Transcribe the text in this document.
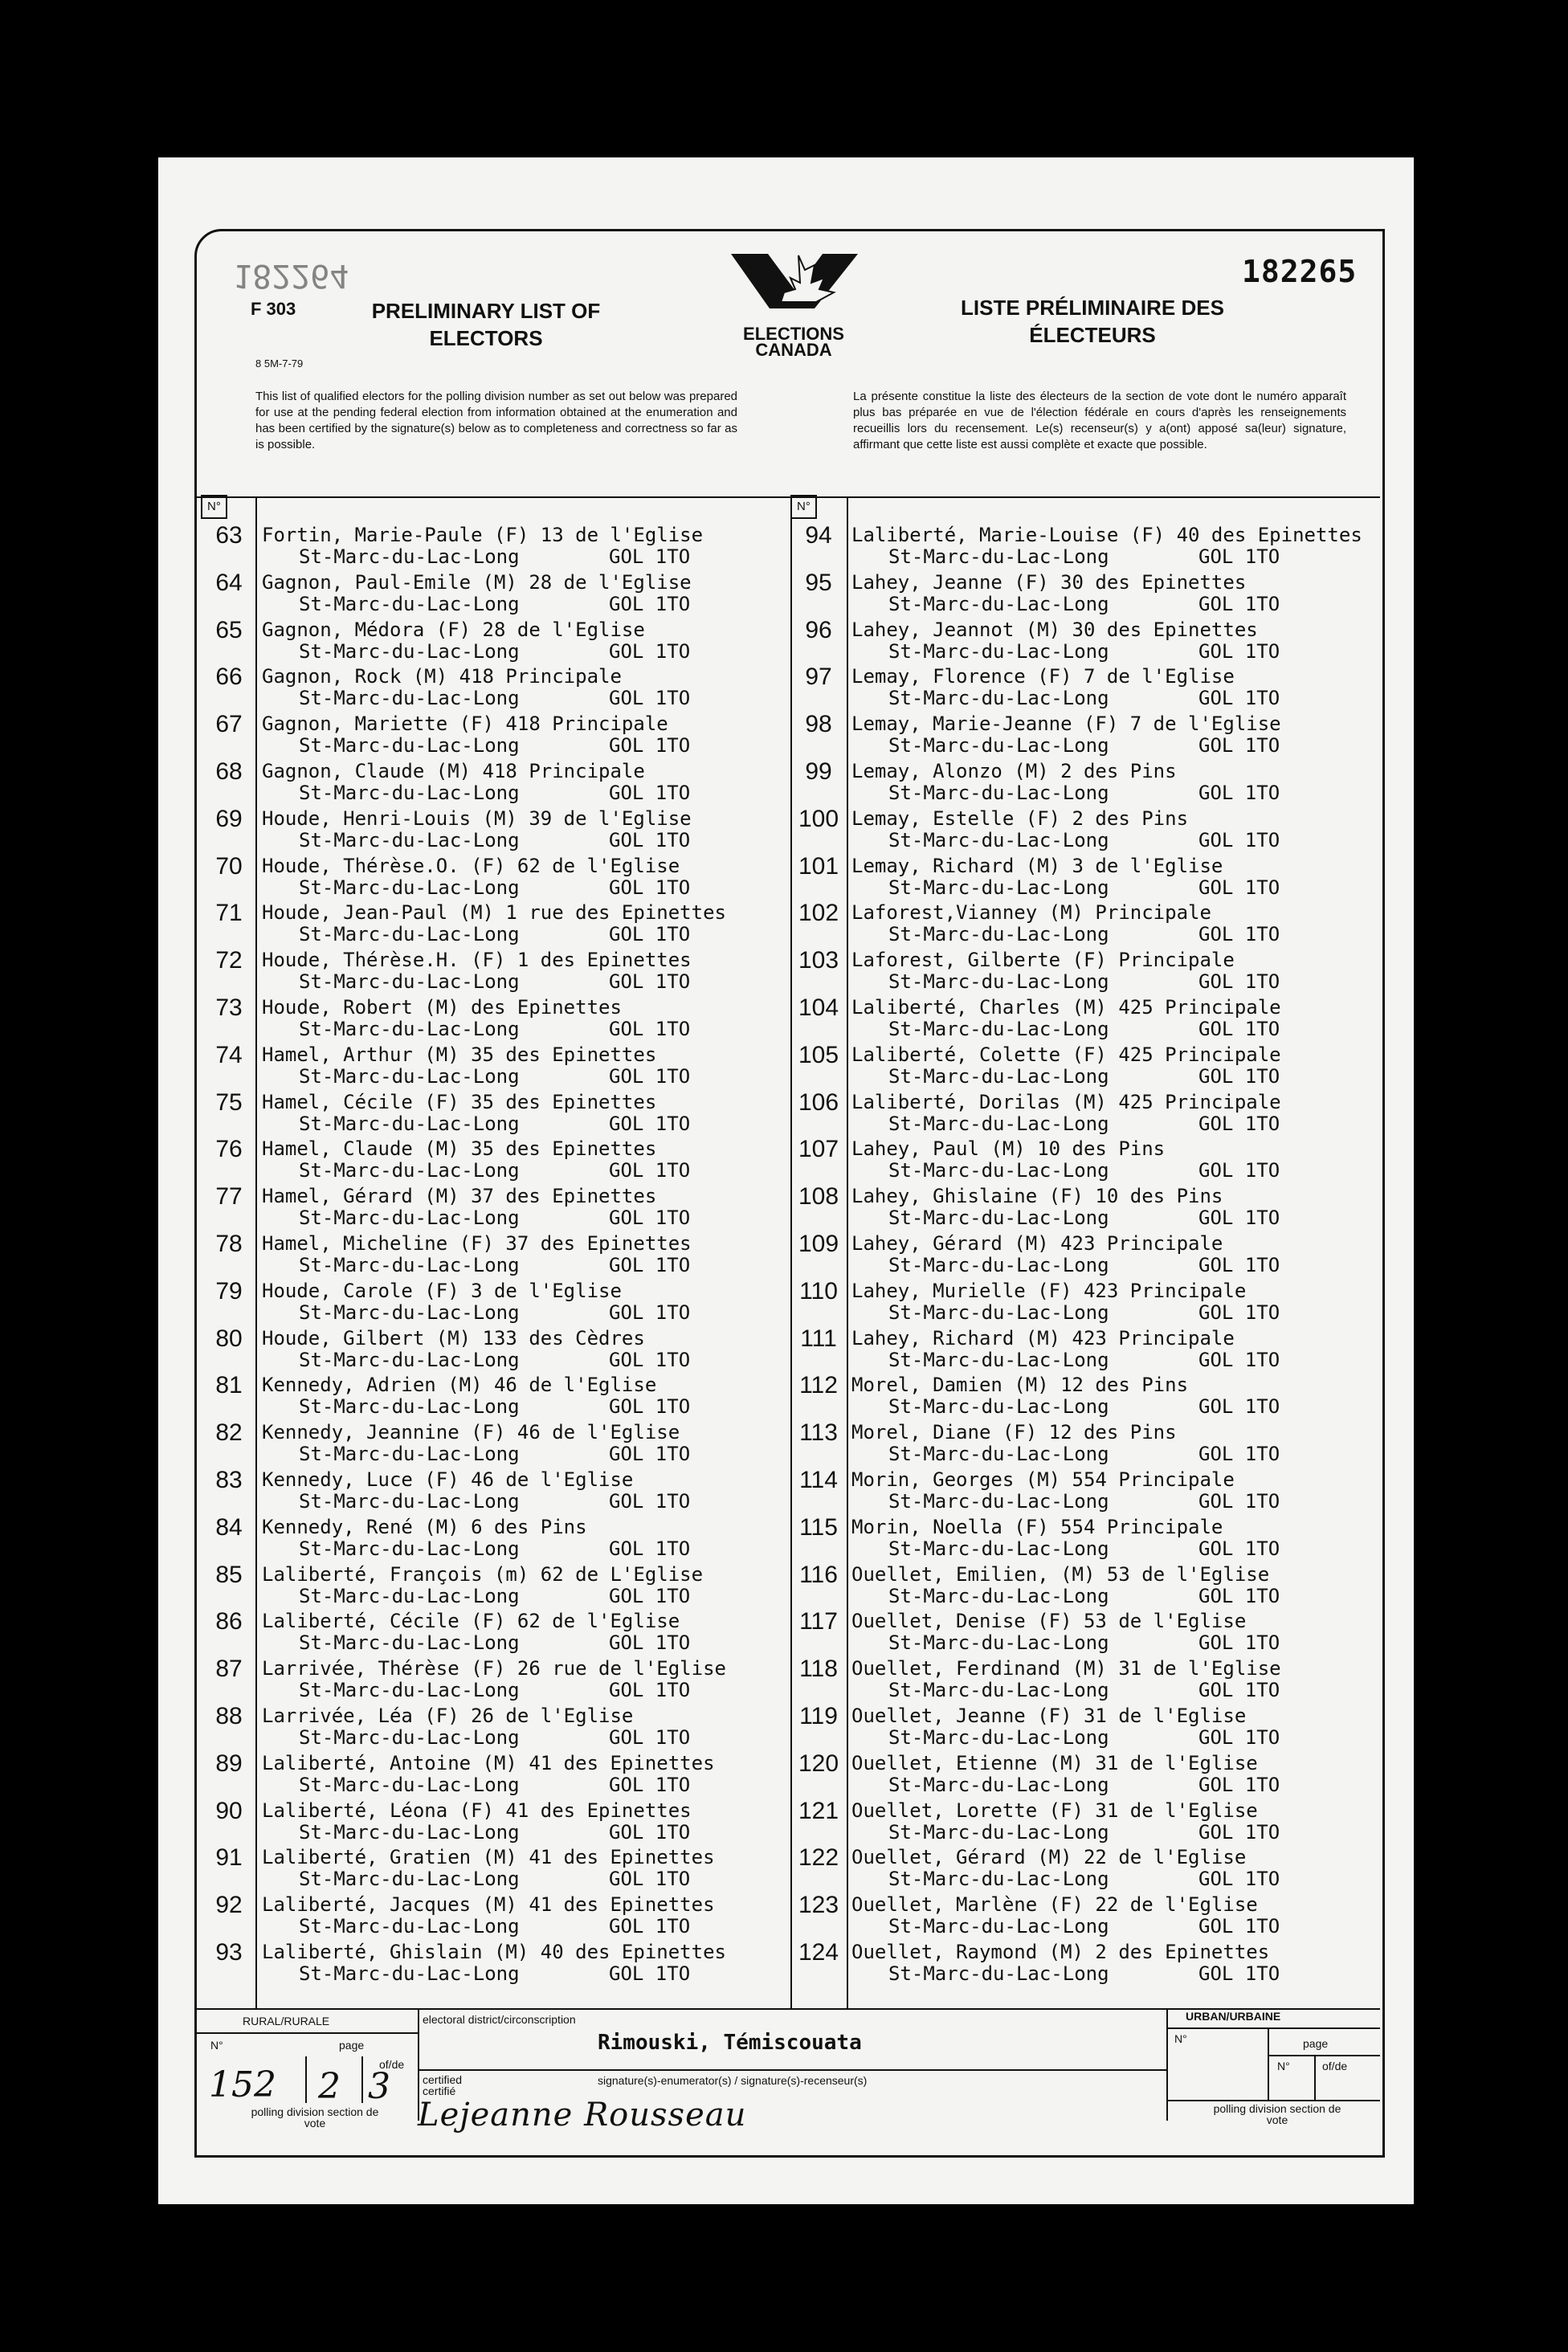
182264
F 303
8 5M-7-79
PRELIMINARY LIST OF ELECTORS
LISTE PRÉLIMINAIRE DES ÉLECTEURS
182265
ELECTIONS CANADA
This list of qualified electors for the polling division number as set out below was prepared for use at the pending federal election from information obtained at the enumeration and has been certified by the signature(s) below as to completeness and correctness so far as is possible.
La présente constitue la liste des électeurs de la section de vote dont le numéro apparaît plus bas préparée en vue de l'élection fédérale en cours d'après les renseignements recueillis lors du recensement. Le(s) recenseur(s) y a(ont) apposé sa(leur) signature, affirmant que cette liste est aussi complète et exacte que possible.
N°	N°
63	Fortin, Marie-Paule (F) 13 de l'Eglise
St-Marc-du-Lac-Long	GOL 1TO
64	Gagnon, Paul-Emile (M) 28 de l'Eglise
St-Marc-du-Lac-Long	GOL 1TO
65	Gagnon, Médora (F) 28 de l'Eglise
St-Marc-du-Lac-Long	GOL 1TO
66	Gagnon, Rock (M) 418 Principale
St-Marc-du-Lac-Long	GOL 1TO
67	Gagnon, Mariette (F) 418 Principale
St-Marc-du-Lac-Long	GOL 1TO
68	Gagnon, Claude (M) 418 Principale
St-Marc-du-Lac-Long	GOL 1TO
69	Houde, Henri-Louis (M) 39 de l'Eglise
St-Marc-du-Lac-Long	GOL 1TO
70	Houde, Thérèse.O. (F) 62 de l'Eglise
St-Marc-du-Lac-Long	GOL 1TO
71	Houde, Jean-Paul (M) 1 rue des Epinettes
St-Marc-du-Lac-Long	GOL 1TO
72	Houde, Thérèse.H. (F) 1 des Epinettes
St-Marc-du-Lac-Long	GOL 1TO
73	Houde, Robert (M) des Epinettes
St-Marc-du-Lac-Long	GOL 1TO
74	Hamel, Arthur (M) 35 des Epinettes
St-Marc-du-Lac-Long	GOL 1TO
75	Hamel, Cécile (F) 35 des Epinettes
St-Marc-du-Lac-Long	GOL 1TO
76	Hamel, Claude (M) 35 des Epinettes
St-Marc-du-Lac-Long	GOL 1TO
77	Hamel, Gérard (M) 37 des Epinettes
St-Marc-du-Lac-Long	GOL 1TO
78	Hamel, Micheline (F) 37 des Epinettes
St-Marc-du-Lac-Long	GOL 1TO
79	Houde, Carole (F) 3 de l'Eglise
St-Marc-du-Lac-Long	GOL 1TO
80	Houde, Gilbert (M) 133 des Cèdres
St-Marc-du-Lac-Long	GOL 1TO
81	Kennedy, Adrien (M) 46 de l'Eglise
St-Marc-du-Lac-Long	GOL 1TO
82	Kennedy, Jeannine (F) 46 de l'Eglise
St-Marc-du-Lac-Long	GOL 1TO
83	Kennedy, Luce (F) 46 de l'Eglise
St-Marc-du-Lac-Long	GOL 1TO
84	Kennedy, René (M) 6 des Pins
St-Marc-du-Lac-Long	GOL 1TO
85	Laliberté, François (m) 62 de L'Eglise
St-Marc-du-Lac-Long	GOL 1TO
86	Laliberté, Cécile (F) 62 de l'Eglise
St-Marc-du-Lac-Long	GOL 1TO
87	Larrivée, Thérèse (F) 26 rue de l'Eglise
St-Marc-du-Lac-Long	GOL 1TO
88	Larrivée, Léa (F) 26 de l'Eglise
St-Marc-du-Lac-Long	GOL 1TO
89	Laliberté, Antoine (M) 41 des Epinettes
St-Marc-du-Lac-Long	GOL 1TO
90	Laliberté, Léona (F) 41 des Epinettes
St-Marc-du-Lac-Long	GOL 1TO
91	Laliberté, Gratien (M) 41 des Epinettes
St-Marc-du-Lac-Long	GOL 1TO
92	Laliberté, Jacques (M) 41 des Epinettes
St-Marc-du-Lac-Long	GOL 1TO
93	Laliberté, Ghislain (M) 40 des Epinettes
St-Marc-du-Lac-Long	GOL 1TO
94	Laliberté, Marie-Louise (F) 40 des Epinettes
St-Marc-du-Lac-Long	GOL 1TO
95	Lahey, Jeanne (F) 30 des Epinettes
St-Marc-du-Lac-Long	GOL 1TO
96	Lahey, Jeannot (M) 30 des Epinettes
St-Marc-du-Lac-Long	GOL 1TO
97	Lemay, Florence (F) 7 de l'Eglise
St-Marc-du-Lac-Long	GOL 1TO
98	Lemay, Marie-Jeanne (F) 7 de l'Eglise
St-Marc-du-Lac-Long	GOL 1TO
99	Lemay, Alonzo (M) 2 des Pins
St-Marc-du-Lac-Long	GOL 1TO
100 Lemay, Estelle (F) 2 des Pins
St-Marc-du-Lac-Long	GOL 1TO
101 Lemay, Richard (M) 3 de l'Eglise
St-Marc-du-Lac-Long	GOL 1TO
102 Laforest,Vianney (M) Principale
St-Marc-du-Lac-Long	GOL 1TO
103 Laforest, Gilberte (F) Principale
St-Marc-du-Lac-Long	GOL 1TO
104 Laliberté, Charles (M) 425 Principale
St-Marc-du-Lac-Long	GOL 1TO
105 Laliberté, Colette (F) 425 Principale
St-Marc-du-Lac-Long	GOL 1TO
106 Laliberté, Dorilas (M) 425 Principale
St-Marc-du-Lac-Long	GOL 1TO
107 Lahey, Paul (M) 10 des Pins
St-Marc-du-Lac-Long	GOL 1TO
108 Lahey, Ghislaine (F) 10 des Pins
St-Marc-du-Lac-Long	GOL 1TO
109 Lahey, Gérard (M) 423 Principale
St-Marc-du-Lac-Long	GOL 1TO
110 Lahey, Murielle (F) 423 Principale
St-Marc-du-Lac-Long	GOL 1TO
111 Lahey, Richard (M) 423 Principale
St-Marc-du-Lac-Long	GOL 1TO
112 Morel, Damien (M) 12 des Pins
St-Marc-du-Lac-Long	GOL 1TO
113 Morel, Diane (F) 12 des Pins
St-Marc-du-Lac-Long	GOL 1TO
114 Morin, Georges (M) 554 Principale
St-Marc-du-Lac-Long	GOL 1TO
115 Morin, Noella (F) 554 Principale
St-Marc-du-Lac-Long	GOL 1TO
116 Ouellet, Emilien, (M) 53 de l'Eglise
St-Marc-du-Lac-Long	GOL 1TO
117 Ouellet, Denise (F) 53 de l'Eglise
St-Marc-du-Lac-Long	GOL 1TO
118 Ouellet, Ferdinand (M) 31 de l'Eglise
St-Marc-du-Lac-Long	GOL 1TO
119 Ouellet, Jeanne (F) 31 de l'Eglise
St-Marc-du-Lac-Long	GOL 1TO
120 Ouellet, Etienne (M) 31 de l'Eglise
St-Marc-du-Lac-Long	GOL 1TO
121 Ouellet, Lorette (F) 31 de l'Eglise
St-Marc-du-Lac-Long	GOL 1TO
122 Ouellet, Gérard (M) 22 de l'Eglise
St-Marc-du-Lac-Long	GOL 1TO
123 Ouellet, Marlène (F) 22 de l'Eglise
St-Marc-du-Lac-Long	GOL 1TO
124 Ouellet, Raymond (M) 2 des Epinettes
St-Marc-du-Lac-Long	GOL 1TO
RURAL/RURALE
N°	page
of/de
152 2 3
polling division section de vote
electoral district/circonscription
Rimouski, Témiscouata
certified certifié
signature(s)-enumerator(s) / signature(s)-recenseur(s)
Lejeanne Rousseau
URBAN/URBAINE
N°	page
N°	of/de
polling division section de vote
